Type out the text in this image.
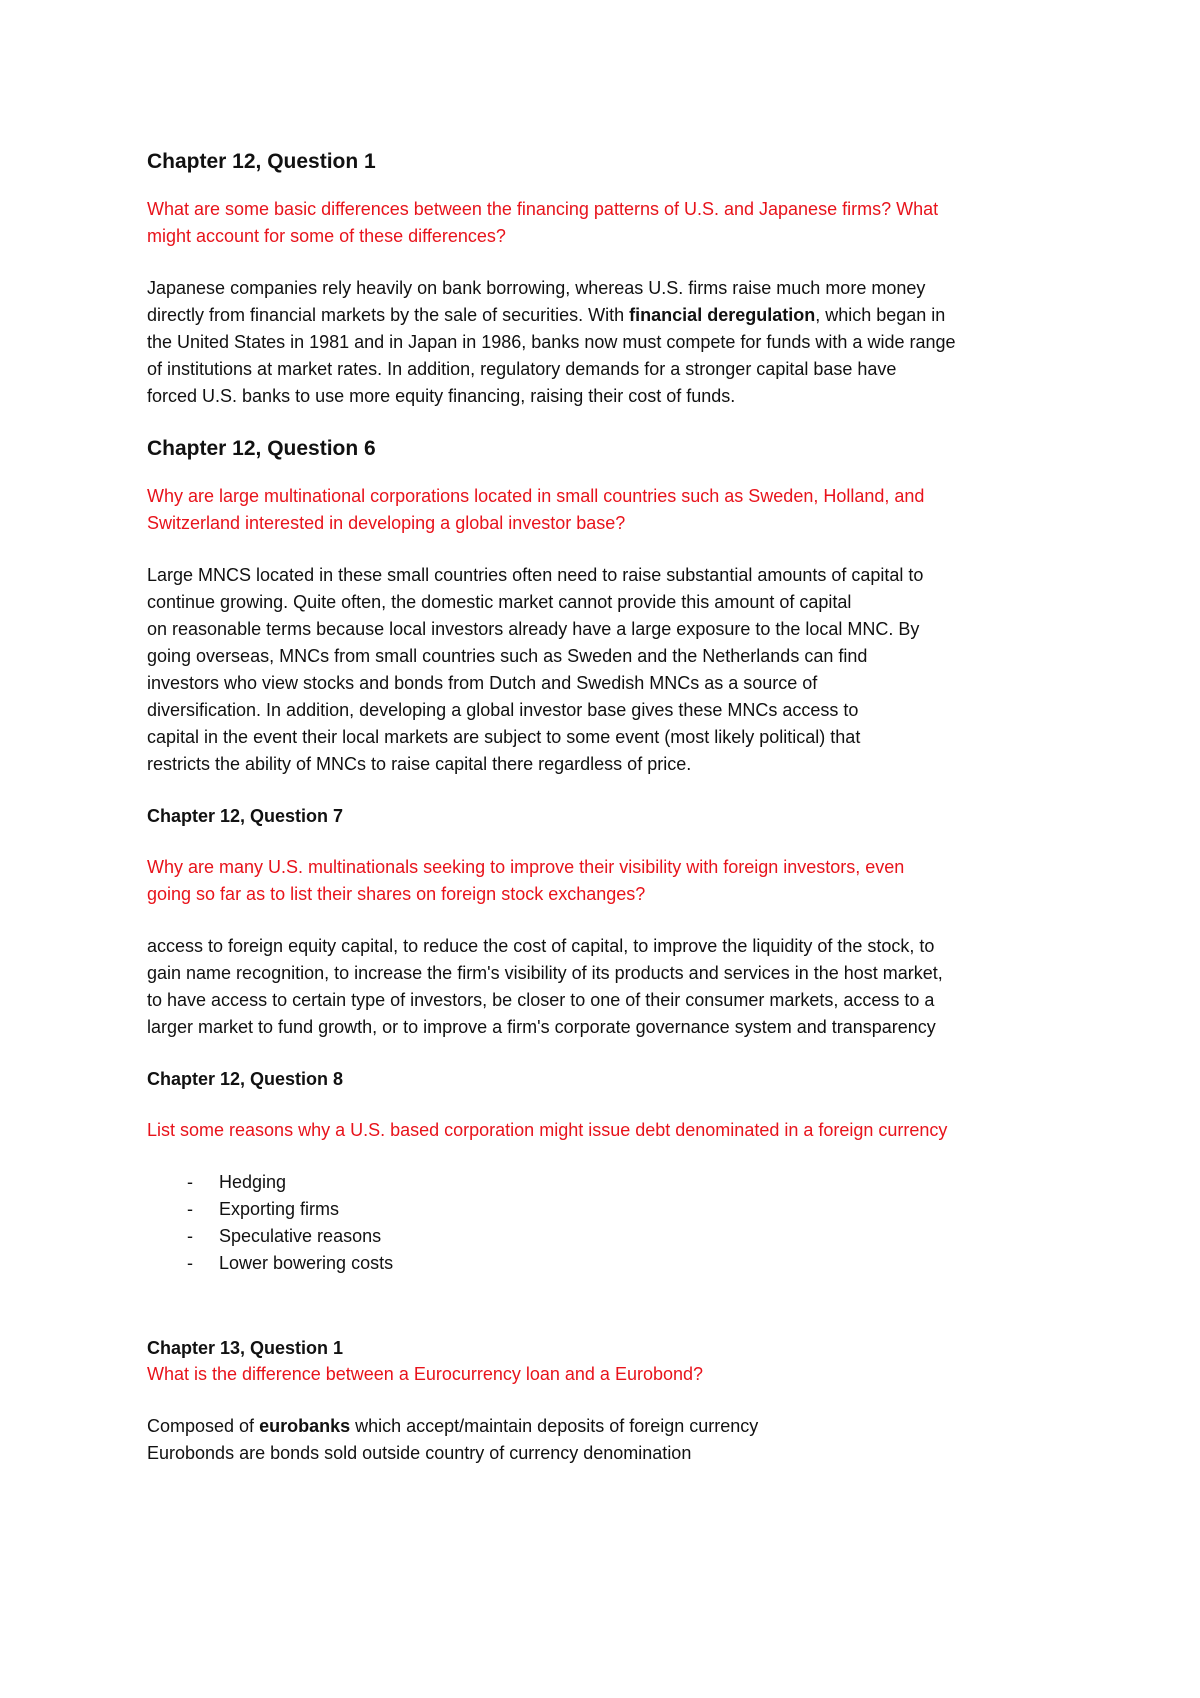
Chapter 12, Question 1

What are some basic differences between the financing patterns of U.S. and Japanese firms? What

might account for some of these differences?

Japanese companies rely heavily on bank borrowing, whereas U.S. firms raise much more money

directly from financial markets by the sale of securities. With financial deregulation, which began in

the United States in 1981 and in Japan in 1986, banks now must compete for funds with a wide range

of institutions at market rates. In addition, regulatory demands for a stronger capital base have

forced U.S. banks to use more equity financing, raising their cost of funds.

Chapter 12, Question 6

Why are large multinational corporations located in small countries such as Sweden, Holland, and

Switzerland interested in developing a global investor base?

Large MNCS located in these small countries often need to raise substantial amounts of capital to

continue growing. Quite often, the domestic market cannot provide this amount of capital

on reasonable terms because local investors already have a large exposure to the local MNC. By

going overseas, MNCs from small countries such as Sweden and the Netherlands can find

investors who view stocks and bonds from Dutch and Swedish MNCs as a source of

diversification. In addition, developing a global investor base gives these MNCs access to

capital in the event their local markets are subject to some event (most likely political) that

restricts the ability of MNCs to raise capital there regardless of price.

Chapter 12, Question 7

Why are many U.S. multinationals seeking to improve their visibility with foreign investors, even

going so far as to list their shares on foreign stock exchanges?

access to foreign equity capital, to reduce the cost of capital, to improve the liquidity of the stock, to

gain name recognition, to increase the firm's visibility of its products and services in the host market,

to have access to certain type of investors, be closer to one of their consumer markets, access to a

larger market to fund growth, or to improve a firm's corporate governance system and transparency

Chapter 12, Question 8

List some reasons why a U.S. based corporation might issue debt denominated in a foreign currency

- Hedging
- Exporting firms
- Speculative reasons
- Lower bowering costs
Chapter 13, Question 1

What is the difference between a Eurocurrency loan and a Eurobond?

Composed of eurobanks which accept/maintain deposits of foreign currency

Eurobonds are bonds sold outside country of currency denomination
